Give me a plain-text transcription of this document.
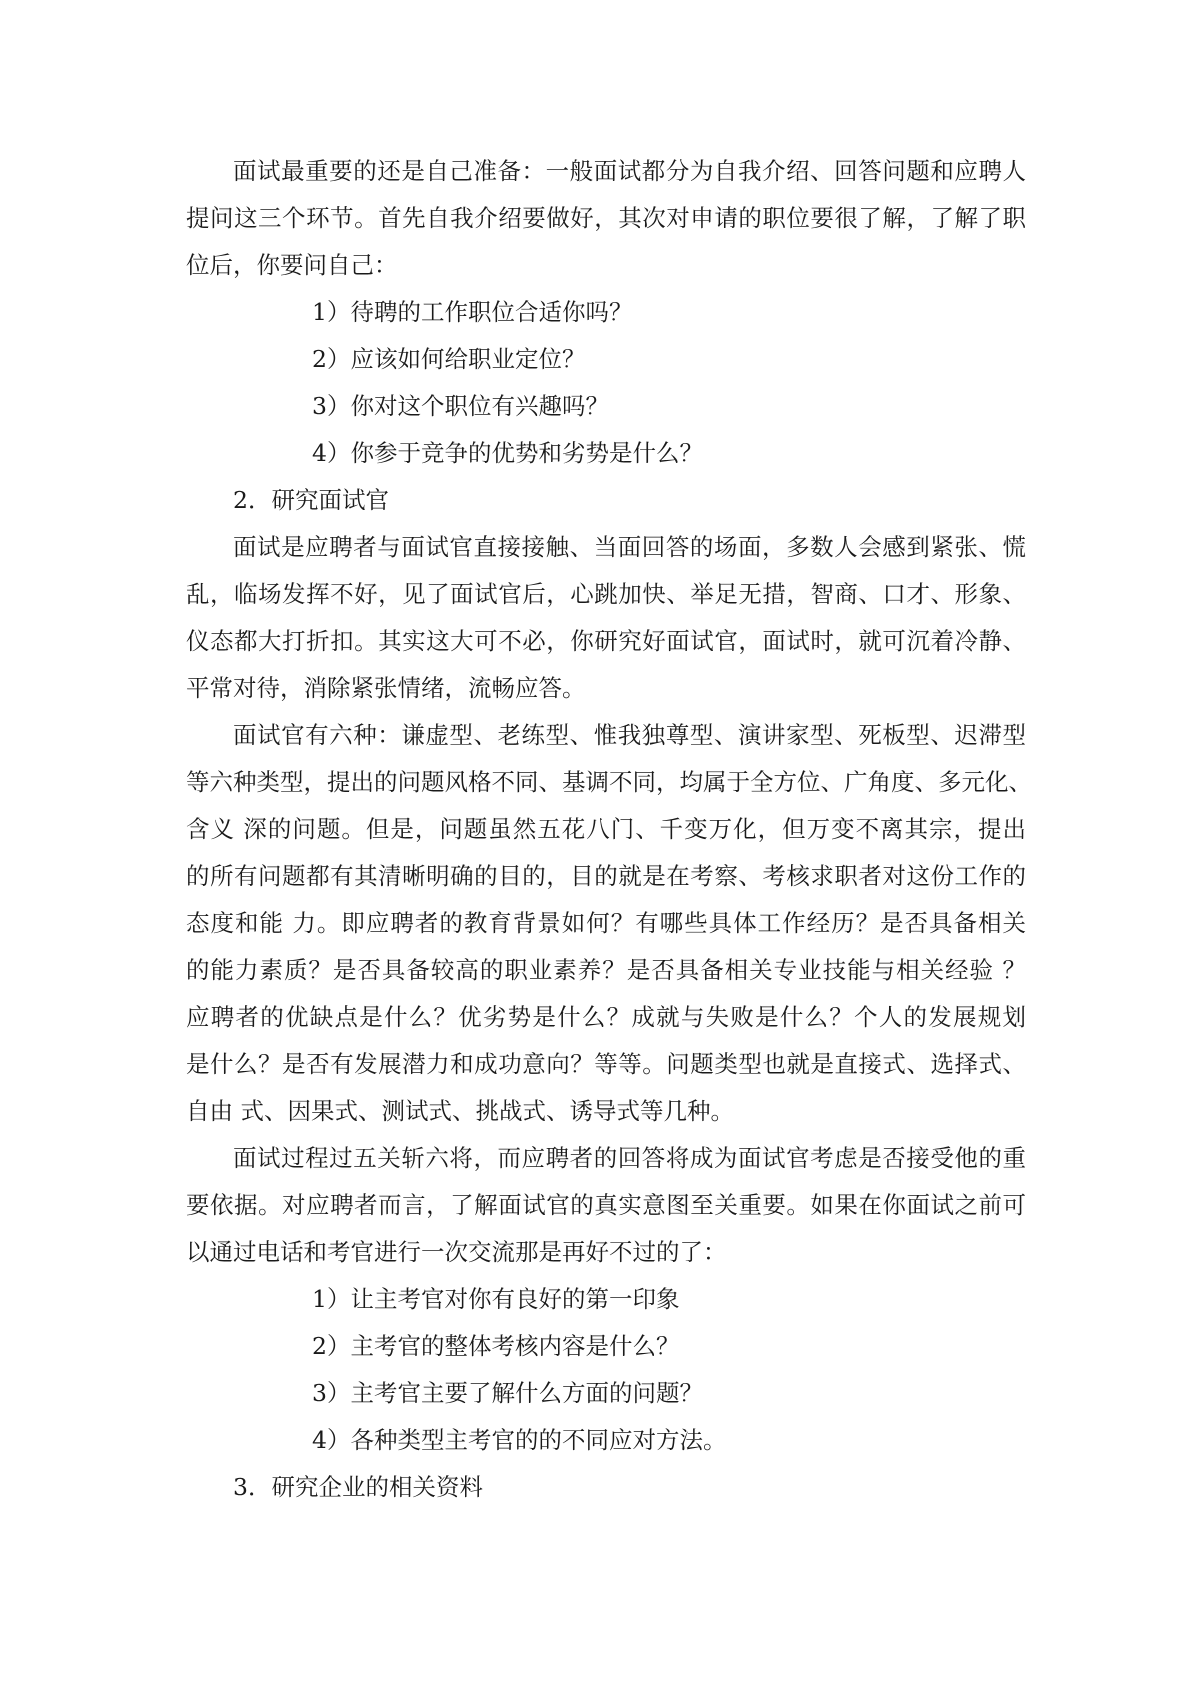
面试最重要的还是自己准备：一般面试都分为自我介绍、回答问题和应聘人
提问这三个环节。首先自我介绍要做好，其次对申请的职位要很了解，了解了职
位后，你要问自己：
1）待聘的工作职位合适你吗？
2）应该如何给职业定位？
3）你对这个职位有兴趣吗？
4）你参于竞争的优势和劣势是什么？
2．研究面试官
面试是应聘者与面试官直接接触、当面回答的场面，多数人会感到紧张、慌
乱，临场发挥不好，见了面试官后，心跳加快、举足无措，智商、口才、形象、
仪态都大打折扣。其实这大可不必，你研究好面试官，面试时，就可沉着冷静、
平常对待，消除紧张情绪，流畅应答。
面试官有六种：谦虚型、老练型、惟我独尊型、演讲家型、死板型、迟滞型
等六种类型，提出的问题风格不同、基调不同，均属于全方位、广角度、多元化、
含义 深的问题。但是，问题虽然五花八门、千变万化，但万变不离其宗，提出
的所有问题都有其清晰明确的目的，目的就是在考察、考核求职者对这份工作的
态度和能 力。即应聘者的教育背景如何？有哪些具体工作经历？是否具备相关
的能力素质？是否具备较高的职业素养？是否具备相关专业技能与相关经验 ？
应聘者的优缺点是什么？优劣势是什么？成就与失败是什么？个人的发展规划
是什么？是否有发展潜力和成功意向？等等。问题类型也就是直接式、选择式、
自由 式、因果式、测试式、挑战式、诱导式等几种。
面试过程过五关斩六将，而应聘者的回答将成为面试官考虑是否接受他的重
要依据。对应聘者而言，了解面试官的真实意图至关重要。如果在你面试之前可
以通过电话和考官进行一次交流那是再好不过的了：
1）让主考官对你有良好的第一印象
2）主考官的整体考核内容是什么？
3）主考官主要了解什么方面的问题？
4）各种类型主考官的的不同应对方法。
3．研究企业的相关资料
